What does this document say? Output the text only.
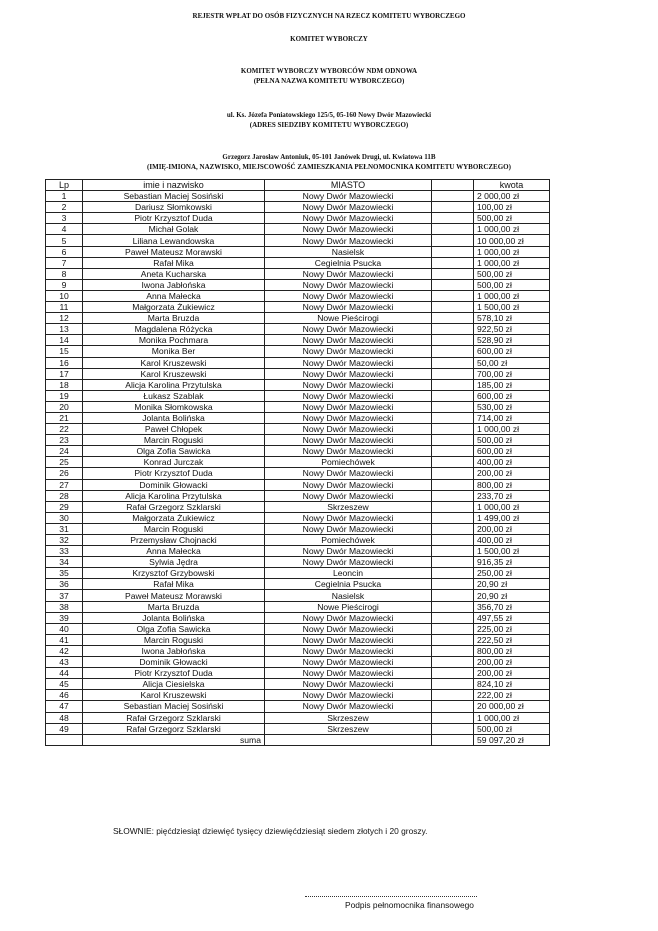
REJESTR WPŁAT DO OSÓB FIZYCZNYCH NA RZECZ KOMITETU WYBORCZEGO
KOMITET WYBORCZY
KOMITET WYBORCZY WYBORCÓW NDM ODNOWA
(PEŁNA NAZWA KOMITETU WYBORCZEGO)
ul. Ks. Józefa Poniatowskiego 125/5, 05-160 Nowy Dwór Mazowiecki
(ADRES SIEDZIBY KOMITETU WYBORCZEGO)
Grzegorz Jarosław Antoniuk, 05-101 Janówek Drugi, ul. Kwiatowa 11B
(IMIĘ-IMIONA, NAZWISKO, MIEJSCOWOŚĆ ZAMIESZKANIA PEŁNOMOCNIKA KOMITETU WYBORCZEGO)
Lp	imie i nazwisko	MIASTO		kwota
1	Sebastian Maciej Sosiński	Nowy Dwór Mazowiecki		2 000,00 zł
2	Dariusz Słomkowski	Nowy Dwór Mazowiecki		100,00 zł
3	Piotr Krzysztof Duda	Nowy Dwór Mazowiecki		500,00 zł
4	Michał Golak	Nowy Dwór Mazowiecki		1 000,00 zł
5	Liliana Lewandowska	Nowy Dwór Mazowiecki		10 000,00 zł
6	Paweł Mateusz Morawski	Nasielsk		1 000,00 zł
7	Rafał Mika	Cegielnia Psucka		1 000,00 zł
8	Aneta Kucharska	Nowy Dwór Mazowiecki		500,00 zł
9	Iwona Jabłońska	Nowy Dwór Mazowiecki		500,00 zł
10	Anna Małecka	Nowy Dwór Mazowiecki		1 000,00 zł
11	Małgorzata Żukiewicz	Nowy Dwór Mazowiecki		1 500,00 zł
12	Marta Bruzda	Nowe Pieścirogi		578,10 zł
13	Magdalena Różycka	Nowy Dwór Mazowiecki		922,50 zł
14	Monika Pochmara	Nowy Dwór Mazowiecki		528,90 zł
15	Monika Ber	Nowy Dwór Mazowiecki		600,00 zł
16	Karol Kruszewski	Nowy Dwór Mazowiecki		50,00 zł
17	Karol Kruszewski	Nowy Dwór Mazowiecki		700,00 zł
18	Alicja Karolina Przytulska	Nowy Dwór Mazowiecki		185,00 zł
19	Łukasz Szablak	Nowy Dwór Mazowiecki		600,00 zł
20	Monika Słomkowska	Nowy Dwór Mazowiecki		530,00 zł
21	Jolanta Bolińska	Nowy Dwór Mazowiecki		714,00 zł
22	Paweł Chłopek	Nowy Dwór Mazowiecki		1 000,00 zł
23	Marcin Roguski	Nowy Dwór Mazowiecki		500,00 zł
24	Olga Zofia Sawicka	Nowy Dwór Mazowiecki		600,00 zł
25	Konrad Jurczak	Pomiechówek		400,00 zł
26	Piotr Krzysztof Duda	Nowy Dwór Mazowiecki		200,00 zł
27	Dominik Głowacki	Nowy Dwór Mazowiecki		800,00 zł
28	Alicja Karolina Przytulska	Nowy Dwór Mazowiecki		233,70 zł
29	Rafał Grzegorz Szklarski	Skrzeszew		1 000,00 zł
30	Małgorzata Żukiewicz	Nowy Dwór Mazowiecki		1 499,00 zł
31	Marcin Roguski	Nowy Dwór Mazowiecki		200,00 zł
32	Przemysław Chojnacki	Pomiechówek		400,00 zł
33	Anna Małecka	Nowy Dwór Mazowiecki		1 500,00 zł
34	Sylwia Jędra	Nowy Dwór Mazowiecki		916,35 zł
35	Krzysztof Grzybowski	Leoncin		250,00 zł
36	Rafał Mika	Cegielnia Psucka		20,90 zł
37	Paweł Mateusz Morawski	Nasielsk		20,90 zł
38	Marta Bruzda	Nowe Pieścirogi		356,70 zł
39	Jolanta Bolińska	Nowy Dwór Mazowiecki		497,55 zł
40	Olga Zofia Sawicka	Nowy Dwór Mazowiecki		225,00 zł
41	Marcin Roguski	Nowy Dwór Mazowiecki		222,50 zł
42	Iwona Jabłońska	Nowy Dwór Mazowiecki		800,00 zł
43	Dominik Głowacki	Nowy Dwór Mazowiecki		200,00 zł
44	Piotr Krzysztof Duda	Nowy Dwór Mazowiecki		200,00 zł
45	Alicja Ciesielska	Nowy Dwór Mazowiecki		824,10 zł
46	Karol Kruszewski	Nowy Dwór Mazowiecki		222,00 zł
47	Sebastian Maciej Sosiński	Nowy Dwór Mazowiecki		20 000,00 zł
48	Rafał Grzegorz Szklarski	Skrzeszew		1 000,00 zł
49	Rafał Grzegorz Szklarski	Skrzeszew		500,00 zł
	suma			59 097,20 zł
SŁOWNIE: pięćdziesiąt dziewięć tysięcy dziewięćdziesiąt siedem złotych i 20 groszy.
Podpis pełnomocnika finansowego
